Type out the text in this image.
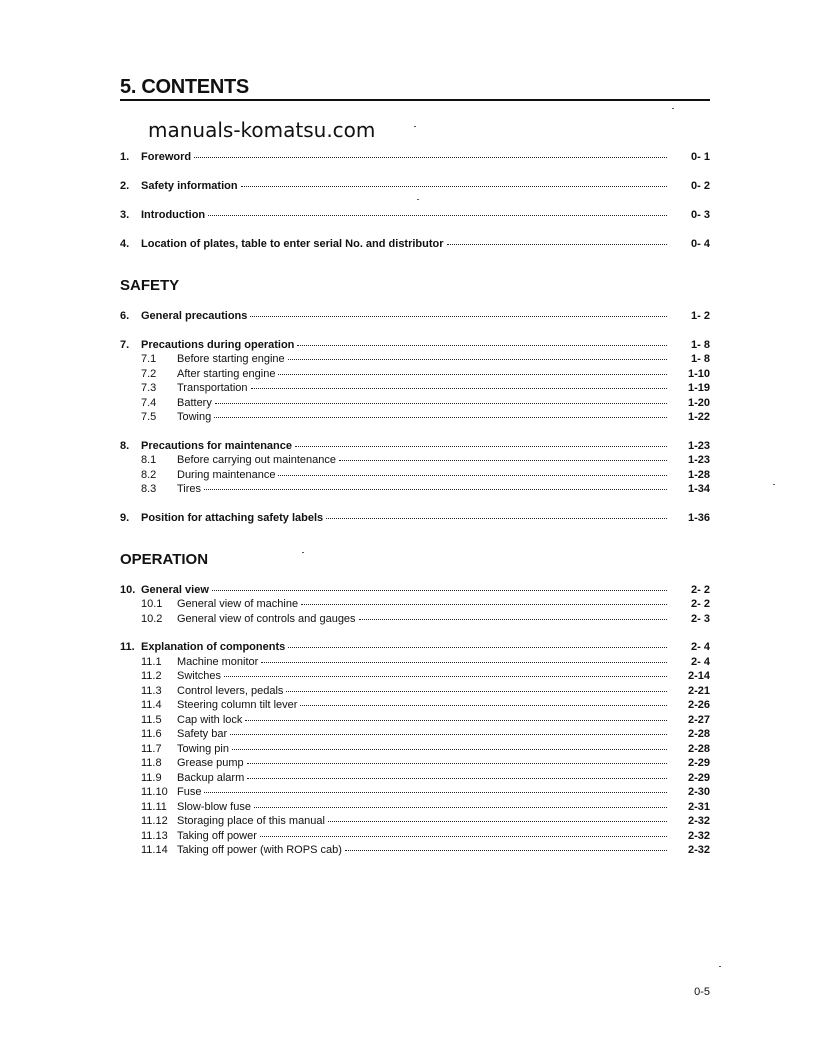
5. CONTENTS
manuals-komatsu.com
1.	Foreword	0- 1
2.	Safety information	0- 2
3.	Introduction	0- 3
4.	Location of plates, table to enter serial No. and distributor	0- 4
SAFETY
6.	General precautions	1- 2
7.	Precautions during operation	1- 8
7.1	Before starting engine	1- 8
7.2	After starting engine	1-10
7.3	Transportation	1-19
7.4	Battery	1-20
7.5	Towing	1-22
8.	Precautions for maintenance	1-23
8.1	Before carrying out maintenance	1-23
8.2	During maintenance	1-28
8.3	Tires	1-34
9.	Position for attaching safety labels	1-36
OPERATION
10. General view	2- 2
10.1	General view of machine	2- 2
10.2	General view of controls and gauges	2- 3
11. Explanation of components	2- 4
11.1	Machine monitor	2- 4
11.2	Switches	2-14
11.3	Control levers, pedals	2-21
11.4	Steering column tilt lever	2-26
11.5	Cap with lock	2-27
11.6	Safety bar	2-28
11.7	Towing pin	2-28
11.8	Grease pump	2-29
11.9	Backup alarm	2-29
11.10 Fuse	2-30
11.11 Slow-blow fuse	2-31
11.12 Storaging place of this manual	2-32
11.13 Taking off power	2-32
11.14 Taking off power (with ROPS cab)	2-32
0-5
